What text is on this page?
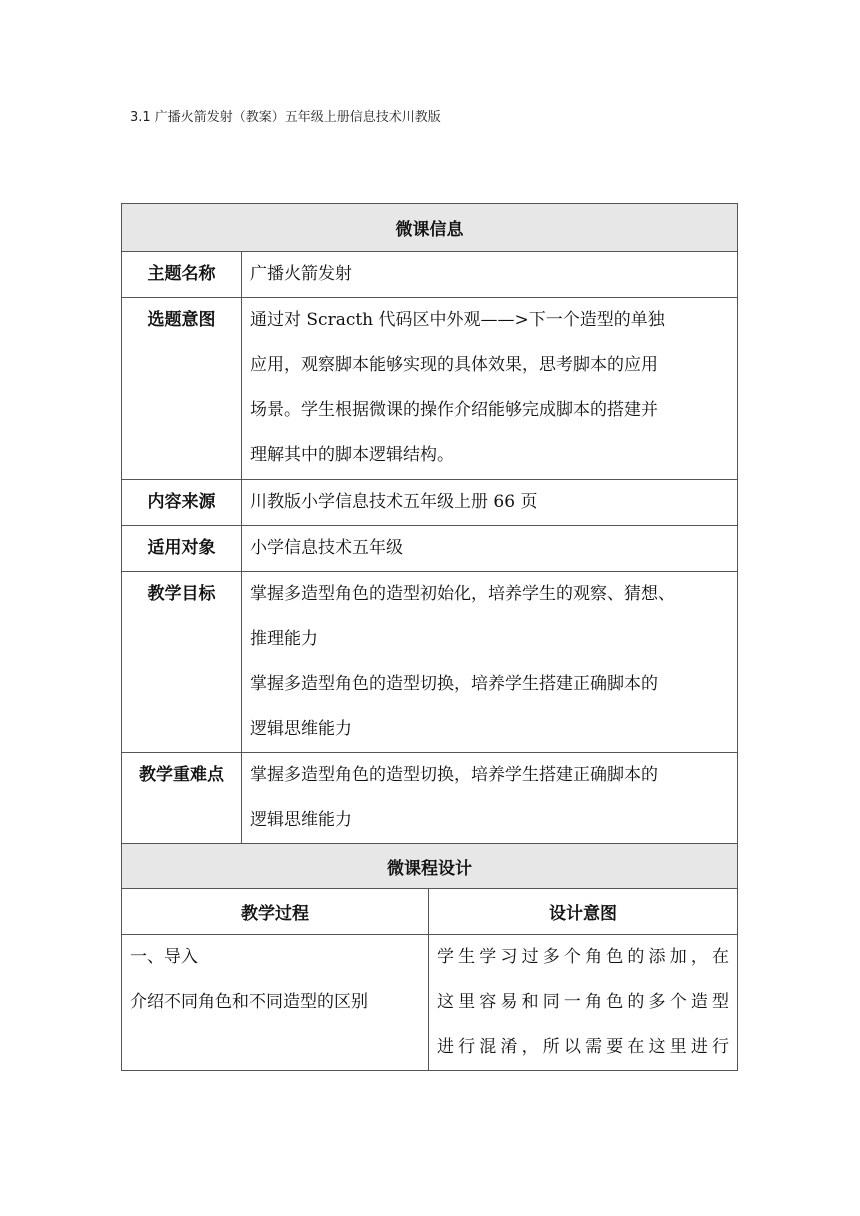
3.1 广播火箭发射（教案）五年级上册信息技术川教版
微课信息		
主题名称	广播火箭发射	

选题意图	通过对 Scracth 代码区中外观——>下一个造型的单独
应用，观察脚本能够实现的具体效果，思考脚本的应用
场景。学生根据微课的操作介绍能够完成脚本的搭建并
理解其中的脚本逻辑结构。	

内容来源	川教版小学信息技术五年级上册 66 页	

适用对象	小学信息技术五年级	

教学目标	掌握多造型角色的造型初始化，培养学生的观察、猜想、
推理能力
掌握多造型角色的造型切换，培养学生搭建正确脚本的
逻辑思维能力	

教学重难点	掌握多造型角色的造型切换，培养学生搭建正确脚本的
逻辑思维能力	

微课程设计		
教学过程		设计意图

一、导入
介绍不同角色和不同造型的区别		学生学习过多个角色的添加，在
这里容易和同一角色的多个造型
进行混淆，所以需要在这里进行
